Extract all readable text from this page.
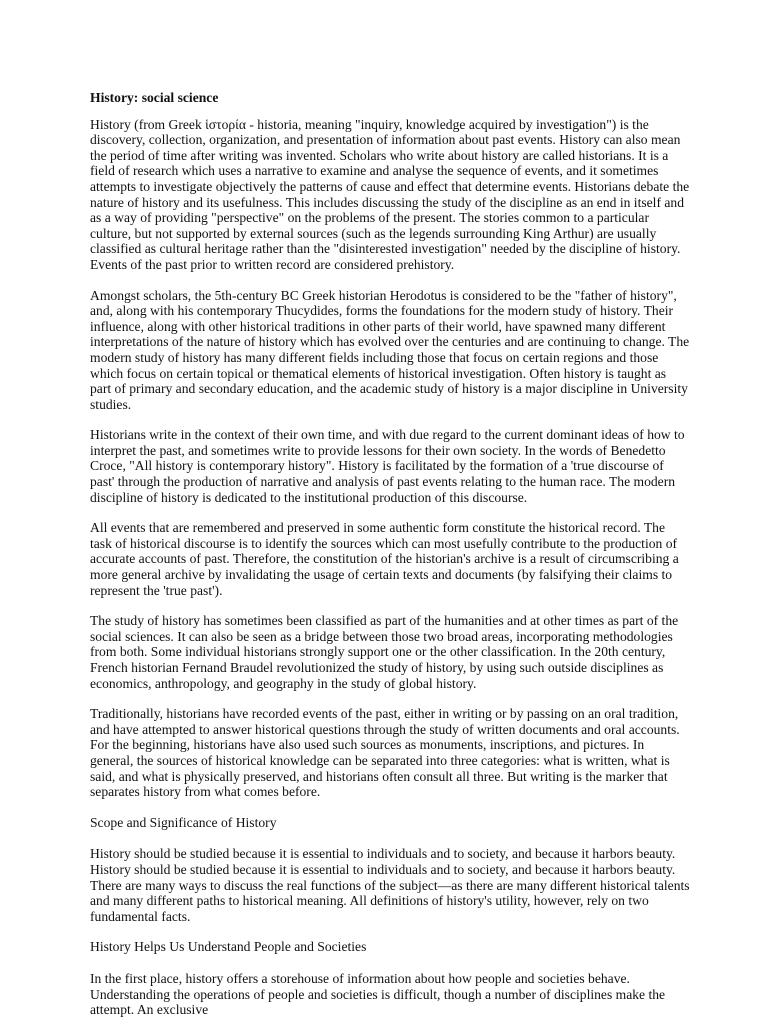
History: social science
History (from Greek ἱστορία - historia, meaning "inquiry, knowledge acquired by investigation") is the discovery, collection, organization, and presentation of information about past events. History can also mean the period of time after writing was invented. Scholars who write about history are called historians. It is a field of research which uses a narrative to examine and analyse the sequence of events, and it sometimes attempts to investigate objectively the patterns of cause and effect that determine events. Historians debate the nature of history and its usefulness. This includes discussing the study of the discipline as an end in itself and as a way of providing "perspective" on the problems of the present. The stories common to a particular culture, but not supported by external sources (such as the legends surrounding King Arthur) are usually classified as cultural heritage rather than the "disinterested investigation" needed by the discipline of history. Events of the past prior to written record are considered prehistory.
Amongst scholars, the 5th-century BC Greek historian Herodotus is considered to be the "father of history", and, along with his contemporary Thucydides, forms the foundations for the modern study of history. Their influence, along with other historical traditions in other parts of their world, have spawned many different interpretations of the nature of history which has evolved over the centuries and are continuing to change. The modern study of history has many different fields including those that focus on certain regions and those which focus on certain topical or thematical elements of historical investigation. Often history is taught as part of primary and secondary education, and the academic study of history is a major discipline in University studies.
Historians write in the context of their own time, and with due regard to the current dominant ideas of how to interpret the past, and sometimes write to provide lessons for their own society. In the words of Benedetto Croce, "All history is contemporary history". History is facilitated by the formation of a 'true discourse of past' through the production of narrative and analysis of past events relating to the human race. The modern discipline of history is dedicated to the institutional production of this discourse.
All events that are remembered and preserved in some authentic form constitute the historical record. The task of historical discourse is to identify the sources which can most usefully contribute to the production of accurate accounts of past. Therefore, the constitution of the historian's archive is a result of circumscribing a more general archive by invalidating the usage of certain texts and documents (by falsifying their claims to represent the 'true past').
The study of history has sometimes been classified as part of the humanities and at other times as part of the social sciences. It can also be seen as a bridge between those two broad areas, incorporating methodologies from both. Some individual historians strongly support one or the other classification. In the 20th century, French historian Fernand Braudel revolutionized the study of history, by using such outside disciplines as economics, anthropology, and geography in the study of global history.
Traditionally, historians have recorded events of the past, either in writing or by passing on an oral tradition, and have attempted to answer historical questions through the study of written documents and oral accounts. For the beginning, historians have also used such sources as monuments, inscriptions, and pictures. In general, the sources of historical knowledge can be separated into three categories: what is written, what is said, and what is physically preserved, and historians often consult all three. But writing is the marker that separates history from what comes before.
Scope and Significance of History
History should be studied because it is essential to individuals and to society, and because it harbors beauty. History should be studied because it is essential to individuals and to society, and because it harbors beauty. There are many ways to discuss the real functions of the subject—as there are many different historical talents and many different paths to historical meaning. All definitions of history's utility, however, rely on two fundamental facts.
History Helps Us Understand People and Societies
In the first place, history offers a storehouse of information about how people and societies behave. Understanding the operations of people and societies is difficult, though a number of disciplines make the attempt. An exclusive
